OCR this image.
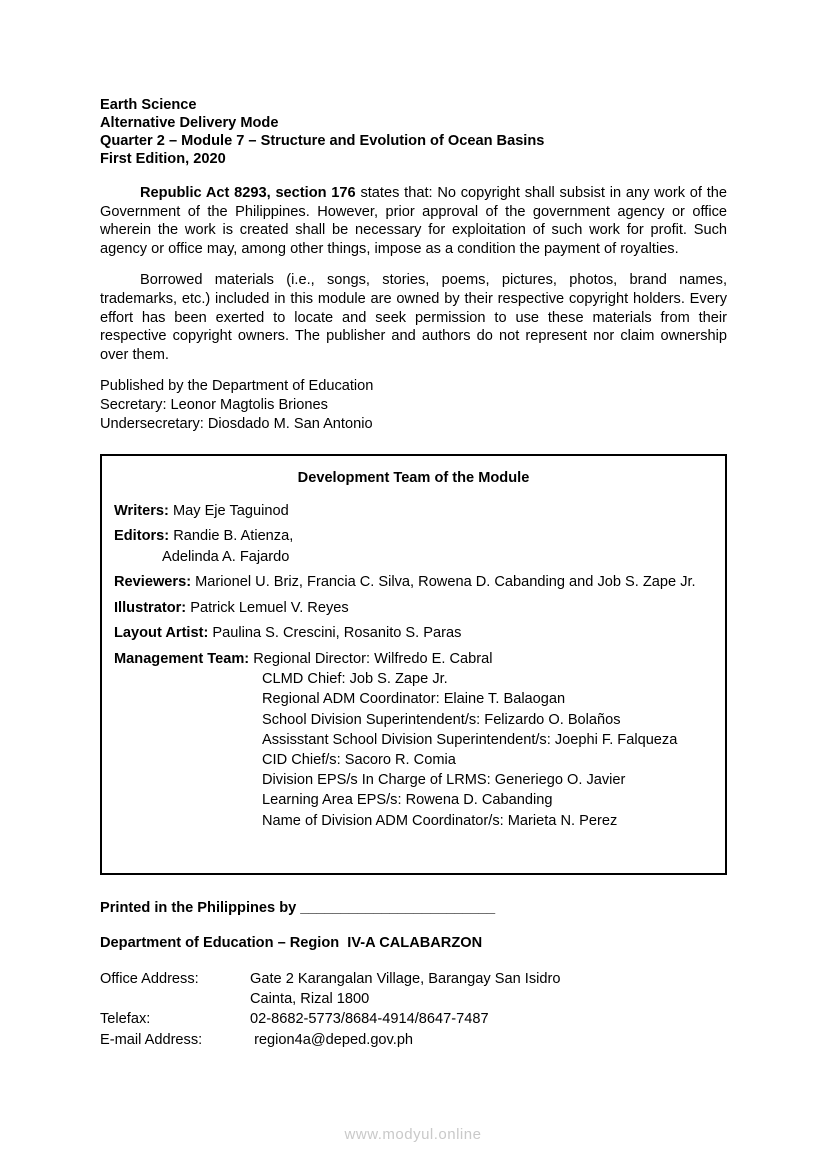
Earth Science
Alternative Delivery Mode
Quarter 2 – Module 7 – Structure and Evolution of Ocean Basins
First Edition, 2020

Republic Act 8293, section 176 states that: No copyright shall subsist in any work of the Government of the Philippines. However, prior approval of the government agency or office wherein the work is created shall be necessary for exploitation of such work for profit. Such agency or office may, among other things, impose as a condition the payment of royalties.

Borrowed materials (i.e., songs, stories, poems, pictures, photos, brand names, trademarks, etc.) included in this module are owned by their respective copyright holders. Every effort has been exerted to locate and seek permission to use these materials from their respective copyright owners. The publisher and authors do not represent nor claim ownership over them.

Published by the Department of Education
Secretary: Leonor Magtolis Briones
Undersecretary: Diosdado M. San Antonio
Development Team of the Module
Writers: May Eje Taguinod
Editors: Randie B. Atienza,
Adelinda A. Fajardo
Reviewers: Marionel U. Briz, Francia C. Silva, Rowena D. Cabanding and Job S. Zape Jr.
Illustrator: Patrick Lemuel V. Reyes
Layout Artist: Paulina S. Crescini, Rosanito S. Paras
Management Team: Regional Director: Wilfredo E. Cabral
CLMD Chief: Job S. Zape Jr.
Regional ADM Coordinator: Elaine T. Balaogan
School Division Superintendent/s: Felizardo O. Bolaños
Assisstant School Division Superintendent/s: Joephi F. Falqueza
CID Chief/s: Sacoro R. Comia
Division EPS/s In Charge of LRMS: Generiego O. Javier
Learning Area EPS/s: Rowena D. Cabanding
Name of Division ADM Coordinator/s: Marieta N. Perez
Printed in the Philippines by ________________________
Department of Education – Region  IV-A CALABARZON
Office Address:	Gate 2 Karangalan Village, Barangay San Isidro
Cainta, Rizal 1800
Telefax:	02-8682-5773/8684-4914/8647-7487
E-mail Address:	region4a@deped.gov.ph
www.modyul.online
